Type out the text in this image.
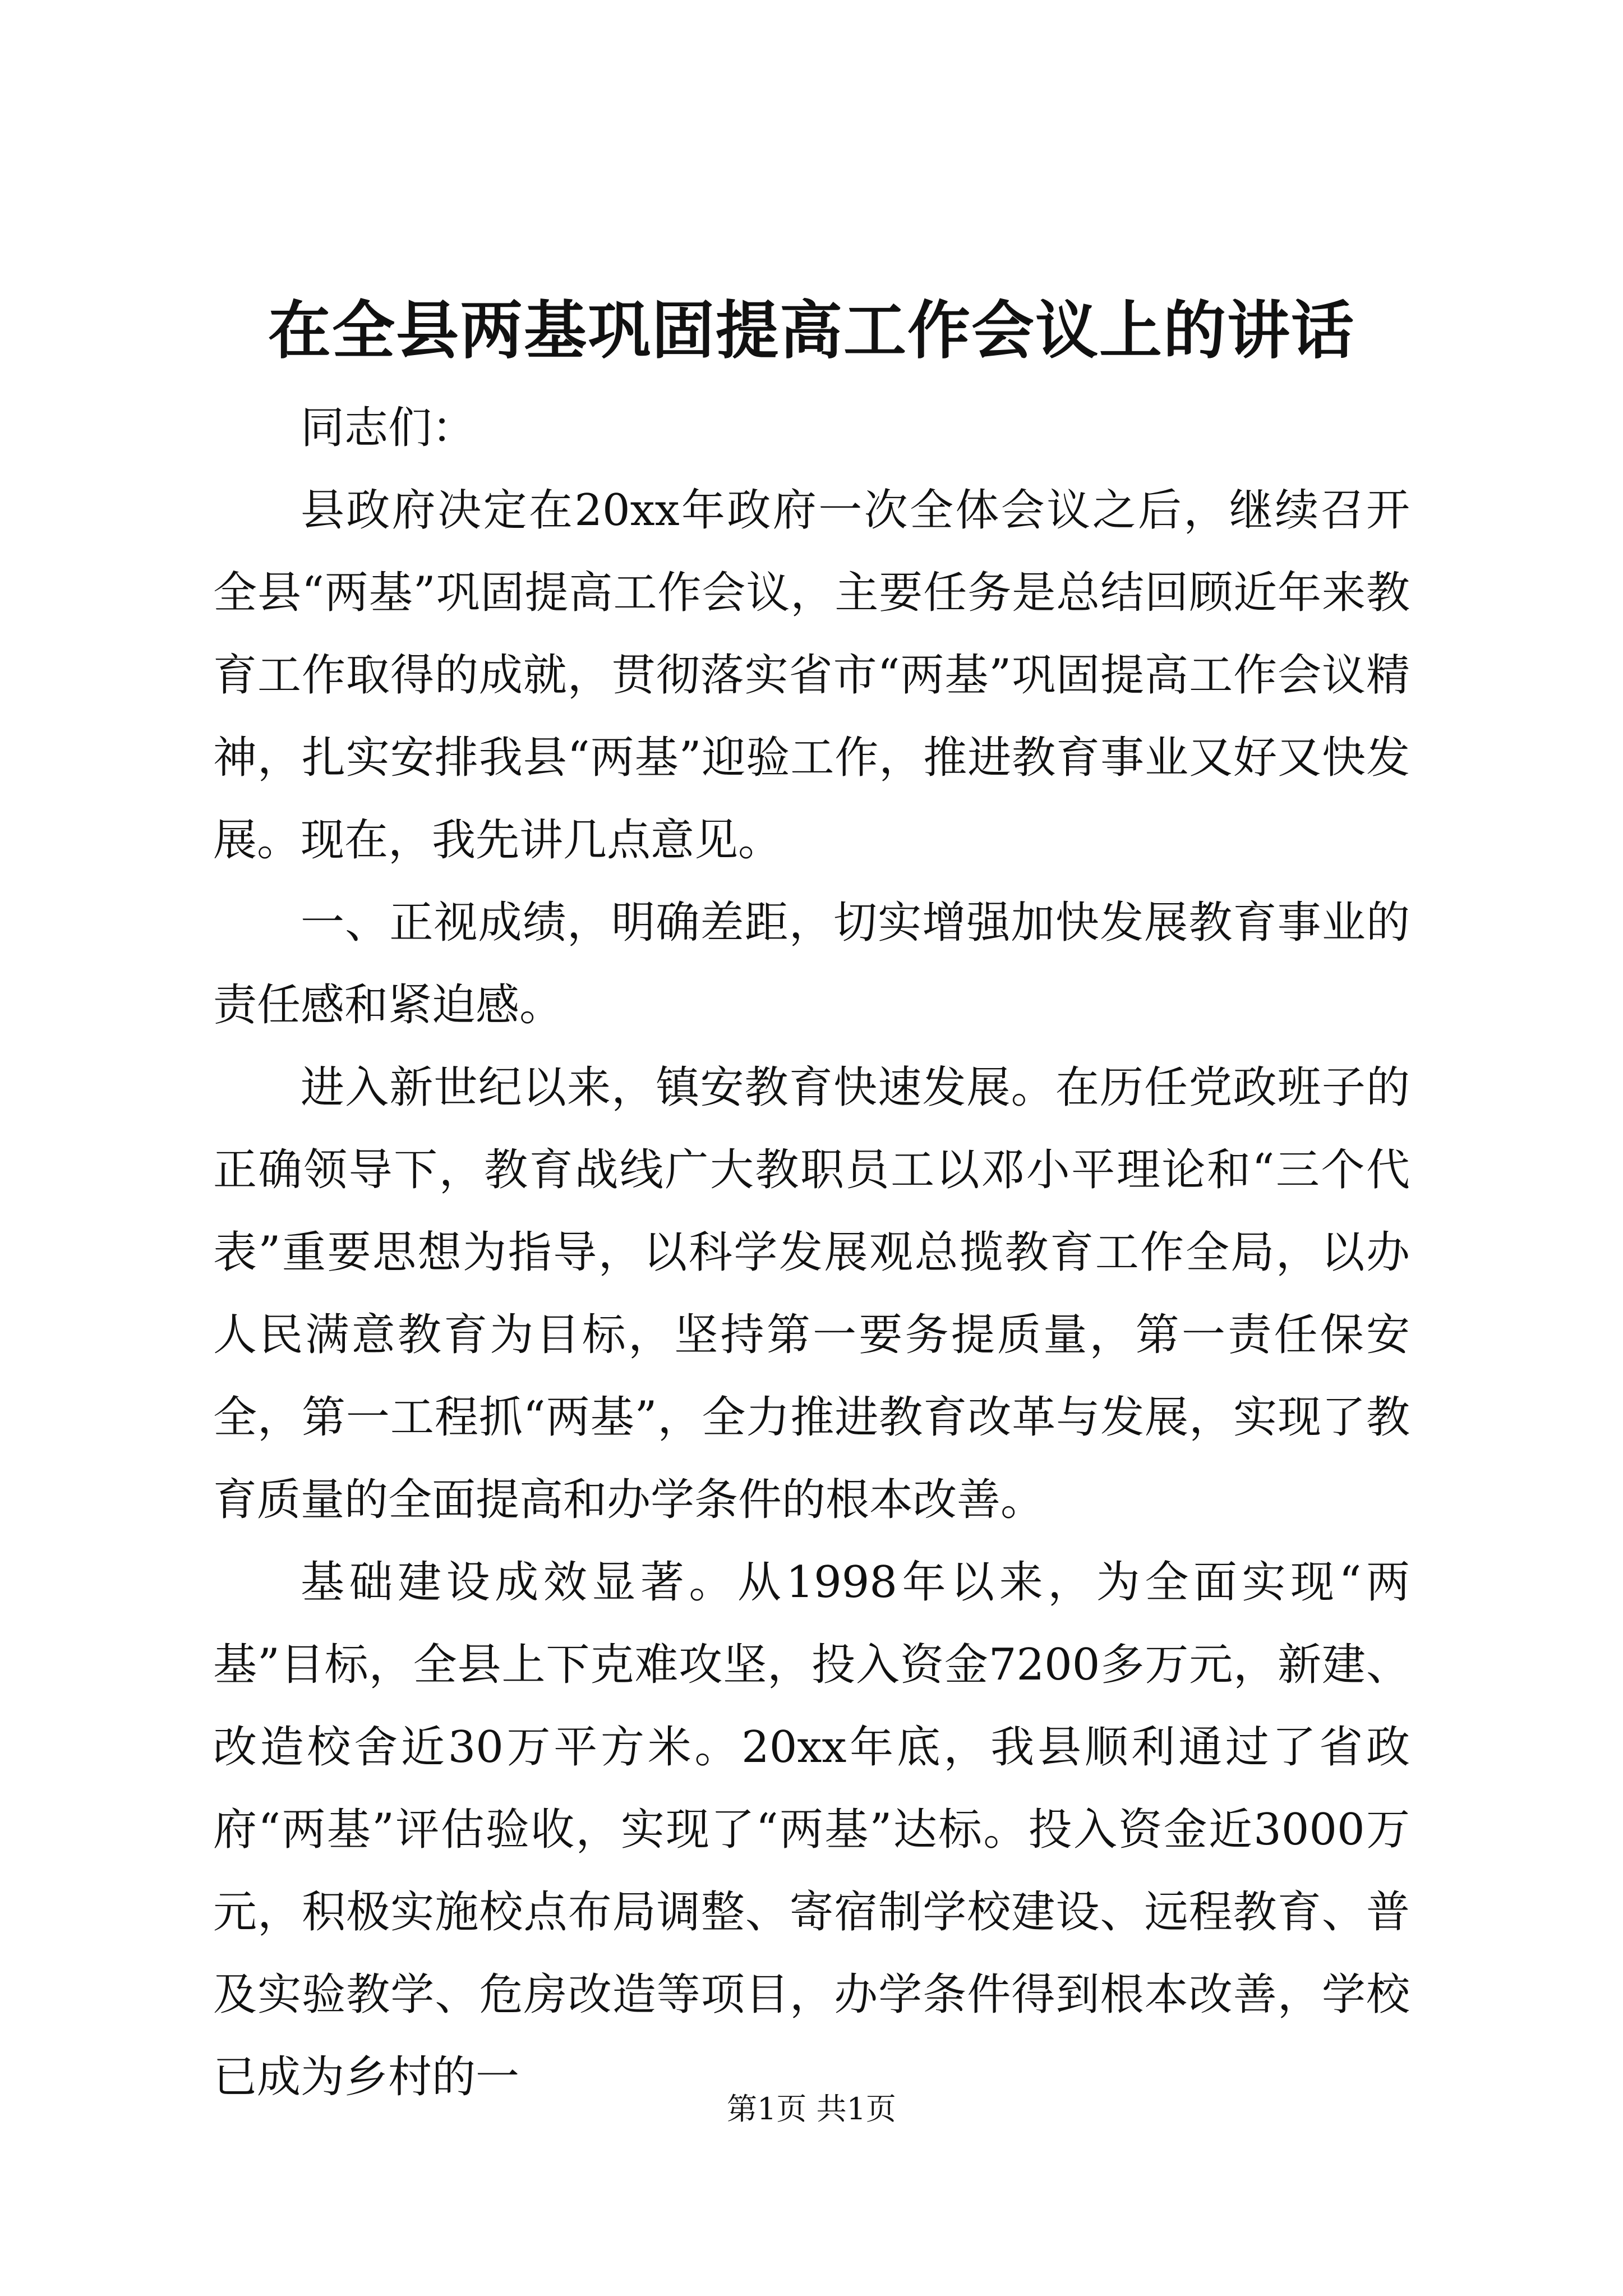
在全县两基巩固提高工作会议上的讲话

同志们：

县政府决定在20xx年政府一次全体会议之后，继续召开全县“两基”巩固提高工作会议，主要任务是总结回顾近年来教育工作取得的成就，贯彻落实省市“两基”巩固提高工作会议精神，扎实安排我县“两基”迎验工作，推进教育事业又好又快发展。现在，我先讲几点意见。

一、正视成绩，明确差距，切实增强加快发展教育事业的责任感和紧迫感。

进入新世纪以来，镇安教育快速发展。在历任党政班子的正确领导下，教育战线广大教职员工以邓小平理论和“三个代表”重要思想为指导，以科学发展观总揽教育工作全局，以办人民满意教育为目标，坚持第一要务提质量，第一责任保安全，第一工程抓“两基”，全力推进教育改革与发展，实现了教育质量的全面提高和办学条件的根本改善。

基础建设成效显著。从1998年以来，为全面实现“两基”目标，全县上下克难攻坚，投入资金7200多万元，新建、改造校舍近30万平方米。20xx年底，我县顺利通过了省政府“两基”评估验收，实现了“两基”达标。投入资金近3000万元，积极实施校点布局调整、寄宿制学校建设、远程教育、普及实验教学、危房改造等项目，办学条件得到根本改善，学校已成为乡村的一

第1页 共1页
